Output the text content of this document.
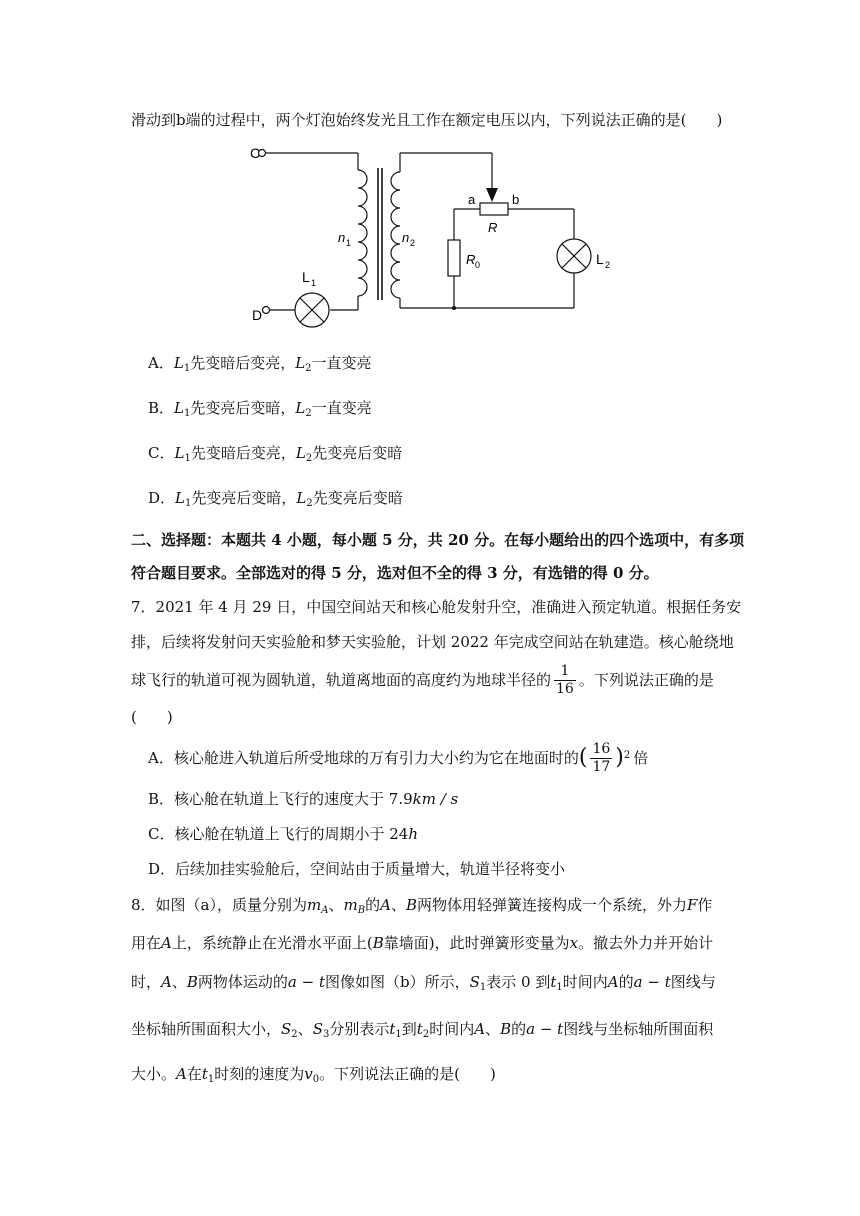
滑动到b端的过程中，两个灯泡始终发光且工作在额定电压以内，下列说法正确的是(　　)
C
D
n 1	n 2
L 1
L 2
a	b
R
R 0
A．$L_1$先变暗后变亮，$L_2$一直变亮
B．$L_1$先变亮后变暗，$L_2$一直变亮
C．$L_1$先变暗后变亮，$L_2$先变亮后变暗
D．$L_1$先变亮后变暗，$L_2$先变亮后变暗
二、选择题：本题共 4 小题，每小题 5 分，共 20 分。在每小题给出的四个选项中，有多项
符合题目要求。全部选对的得 5 分，选对但不全的得 3 分，有选错的得 0 分。
7．2021 年 4 月 29 日，中国空间站天和核心舱发射升空，准确进入预定轨道。根据任务安
排，后续将发射问天实验舱和梦天实验舱，计划 2022 年完成空间站在轨建造。核心舱绕地
球飞行的轨道可视为圆轨道，轨道离地面的高度约为地球半径的 $\frac{1}{16}$ 。下列说法正确的是
(　　)
A．核心舱进入轨道后所受地球的万有引力大小约为它在地面时的 ( $\frac{16}{17}$ ) 2 倍
B．核心舱在轨道上飞行的速度大于 7.9km / s
C．核心舱在轨道上飞行的周期小于 24h
D．后续加挂实验舱后，空间站由于质量增大，轨道半径将变小
8．如图（a），质量分别为$m_A$、$m_B$的A、B两物体用轻弹簧连接构成一个系统，外力F作
用在A上，系统静止在光滑水平面上(B靠墙面)，此时弹簧形变量为x。撤去外力并开始计
时，A、B两物体运动的a − t图像如图（b）所示，$S_1$表示 0 到$t_1$时间内A的a − t图线与
坐标轴所围面积大小，$S_2$、$S_3$分别表示$t_1$到$t_2$时间内A、B的a − t图线与坐标轴所围面积
大小。A在$t_1$时刻的速度为$v_0$。下列说法正确的是(　　)
